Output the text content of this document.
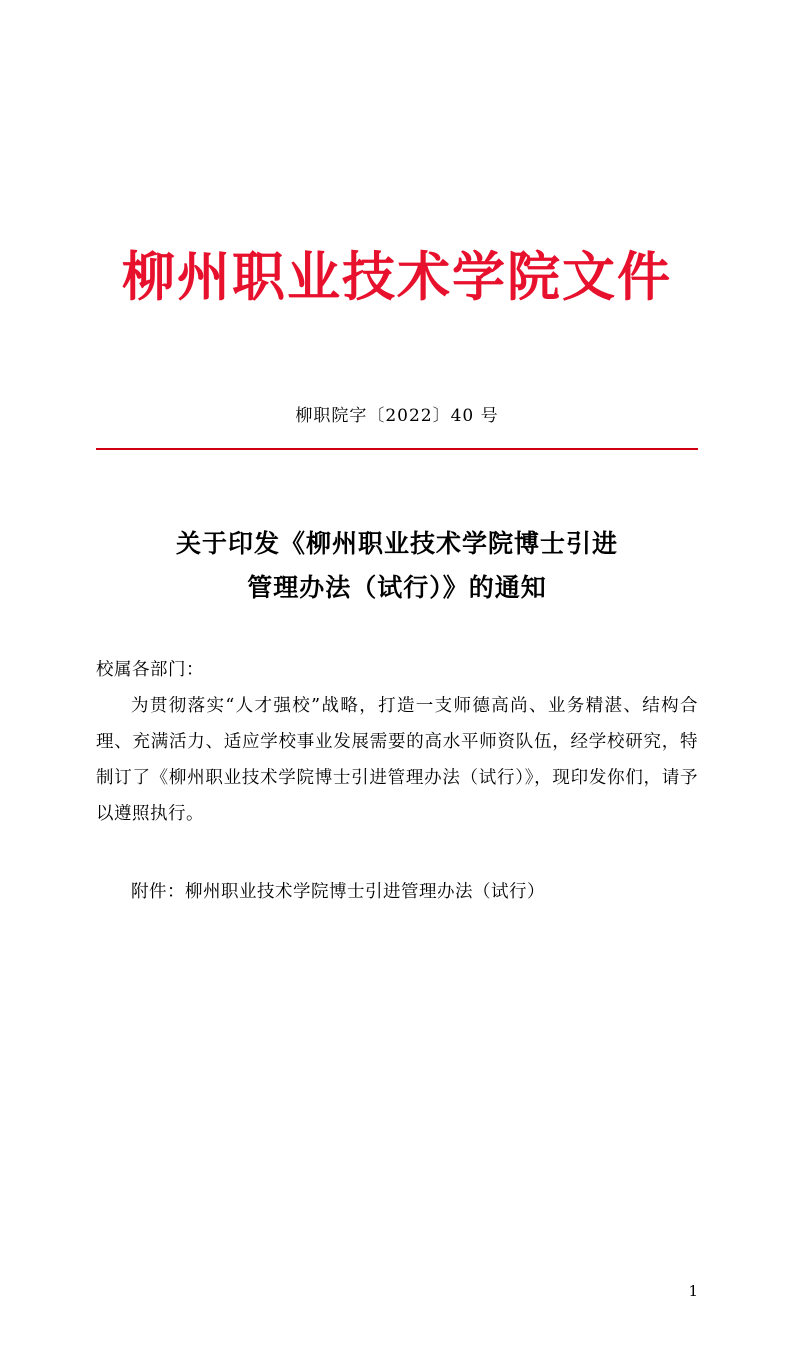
柳州职业技术学院文件
柳职院字〔2022〕40 号
关于印发《柳州职业技术学院博士引进
管理办法（试行）》的通知
校属各部门：
为贯彻落实“人才强校”战略，打造一支师德高尚、业务精湛、结构合理、充满活力、适应学校事业发展需要的高水平师资队伍，经学校研究，特制订了《柳州职业技术学院博士引进管理办法（试行）》，现印发你们，请予以遵照执行。
附件：柳州职业技术学院博士引进管理办法（试行）
1
